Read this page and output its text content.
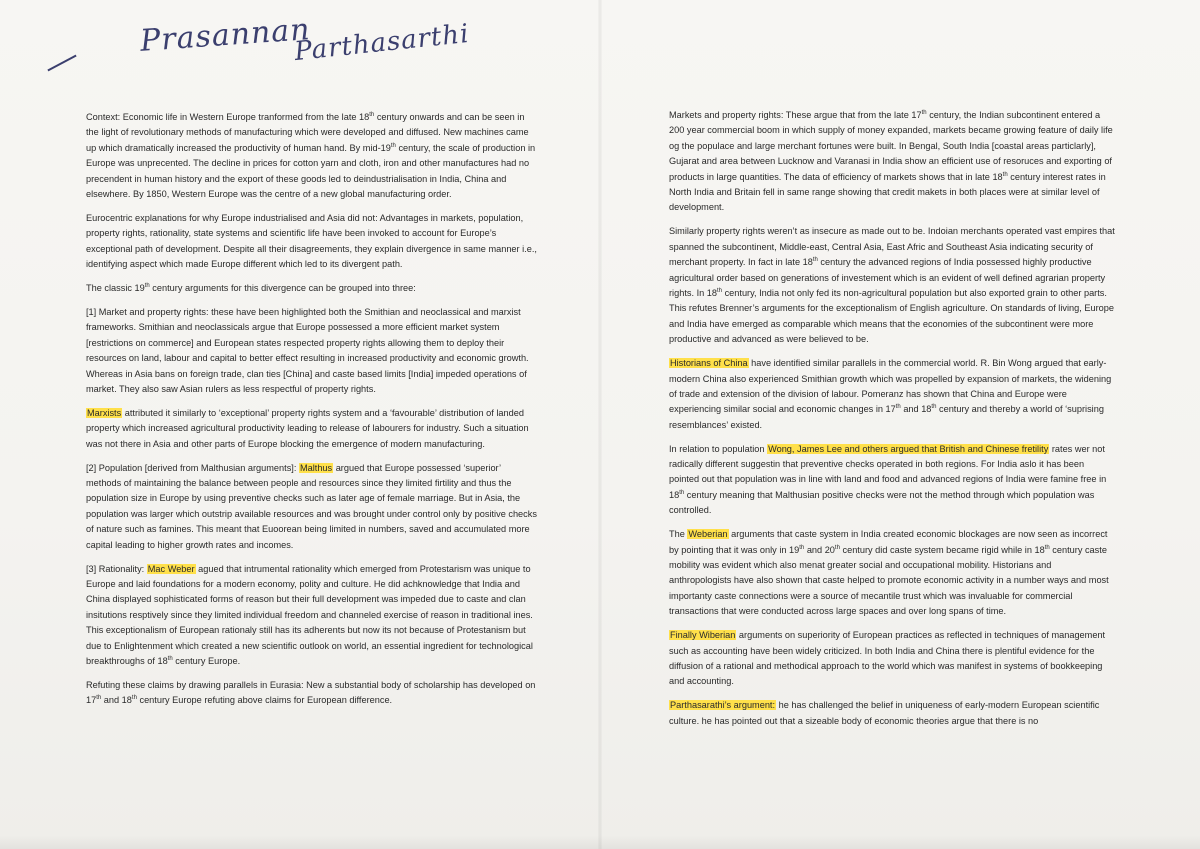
Prasannan
Parthasarthi

Context: Economic life in Western Europe tranformed from the late 18th century onwards and can be seen in the light of revolutionary methods of manufacturing which were developed and diffused. New machines came up which dramatically increased the productivity of human hand. By mid-19th century, the scale of production in Europe was unprecented. The decline in prices for cotton yarn and cloth, iron and other manufactures had no precendent in human history and the export of these goods led to deindustrialisation in India, China and elsewhere. By 1850, Western Europe was the centre of a new global manufacturing order.

Eurocentric explanations for why Europe industrialised and Asia did not: Advantages in markets, population, property rights, rationality, state systems and scientific life have been invoked to account for Europe’s exceptional path of development. Despite all their disagreements, they explain divergence in same manner i.e., identifying aspect which made Europe different which led to its divergent path.

The classic 19th century arguments for this divergence can be grouped into three:

[1] Market and property rights: these have been highlighted both the Smithian and neoclassical and marxist frameworks. Smithian and neoclassicals argue that Europe possessed a more efficient market system [restrictions on commerce] and European states respected property rights allowing them to deploy their resources on land, labour and capital to better effect resulting in increased productivity and economic growth. Whereas in Asia bans on foreign trade, clan ties [China] and caste based limits [India] impeded operations of market. They also saw Asian rulers as less respectful of property rights.

Marxists attributed it similarly to ‘exceptional’ property rights system and a ‘favourable’ distribution of landed property which increased agricultural productivity leading to release of labourers for industry. Such a situation was not there in Asia and other parts of Europe blocking the emergence of modern manufacturing.

[2] Population [derived from Malthusian arguments]: Malthus argued that Europe possessed ‘superior’ methods of maintaining the balance between people and resources since they limited firtility and thus the population size in Europe by using preventive checks such as later age of female marriage. But in Asia, the population was larger which outstrip available resources and was brought under control only by positive checks of nature such as famines. This meant that Euoorean being limited in numbers, saved and accumulated more capital leading to higher growth rates and incomes.

[3] Rationality: Mac Weber agued that intrumental rationality which emerged from Protestarism was unique to Europe and laid foundations for a modern economy, polity and culture. He did achknowledge that India and China displayed sophisticated forms of reason but their full development was impeded due to caste and clan insitutions resptively since they limited individual freedom and channeled exercise of reason in traditional ines. This exceptionalism of European rationaly still has its adherents but now its not because of Protestanism but due to Enlightenment which created a new scientific outlook on world, an essential ingredient for technological breakthroughs of 18th century Europe.

Refuting these claims by drawing parallels in Eurasia: New a substantial body of scholarship has developed on 17th and 18th century Europe refuting above claims for European difference.

Markets and property rights: These argue that from the late 17th century, the Indian subcontinent entered a 200 year commercial boom in which supply of money expanded, markets became growing feature of daily life og the populace and large merchant fortunes were built. In Bengal, South India [coastal areas particlarly], Gujarat and area between Lucknow and Varanasi in India show an efficient use of resoruces and exporting of products in large quantities. The data of efficiency of markets shows that in late 18th century interest rates in North India and Britain fell in same range showing that credit makets in both places were at similar level of development.

Similarly property rights weren’t as insecure as made out to be. Indoian merchants operated vast empires that spanned the subcontinent, Middle-east, Central Asia, East Afric and Southeast Asia indicating security of merchant property. In fact in late 18th century the advanced regions of India possessed highly productive agricultural order based on generations of investement which is an evident of well defined agrarian property rights. In 18th century, India not only fed its non-agricultural population but also exported grain to other parts. This refutes Brenner’s arguments for the exceptionalism of English agriculture. On standards of living, Europe and India have emerged as comparable which means that the economies of the subcontinent were more productive and advanced as were believed to be.

Historians of China have identified similar parallels in the commercial world. R. Bin Wong argued that early-modern China also experienced Smithian growth which was propelled by expansion of markets, the widening of trade and extension of the division of labour. Pomeranz has shown that China and Europe were experiencing similar social and economic changes in 17th and 18th century and thereby a world of ‘suprising resemblances’ existed.

In relation to population Wong, James Lee and others argued that British and Chinese fretility rates wer not radically different suggestin that preventive checks operated in both regions. For India aslo it has been pointed out that population was in line with land and food and advanced regions of India were famine free in 18th century meaning that Malthusian positive checks were not the method through which population was controlled.

The Weberian arguments that caste system in India created economic blockages are now seen as incorrect by pointing that it was only in 19th and 20th century did caste system became rigid while in 18th century caste mobility was evident which also menat greater social and occupational mobility. Historians and anthropologists have also shown that caste helped to promote economic activity in a number ways and most importanty caste connections were a source of mecantile trust which was invaluable for commercial transactions that were conducted across large spaces and over long spans of time.

Finally Wiberian arguments on superiority of European practices as reflected in techniques of management such as accounting have been widely criticized. In both India and China there is plentiful evidence for the diffusion of a rational and methodical approach to the world which was manifest in systems of bookkeeping and accounting.

Parthasarathi’s argument: he has challenged the belief in uniqueness of early-modern European scientific culture. he has pointed out that a sizeable body of economic theories argue that there is no
